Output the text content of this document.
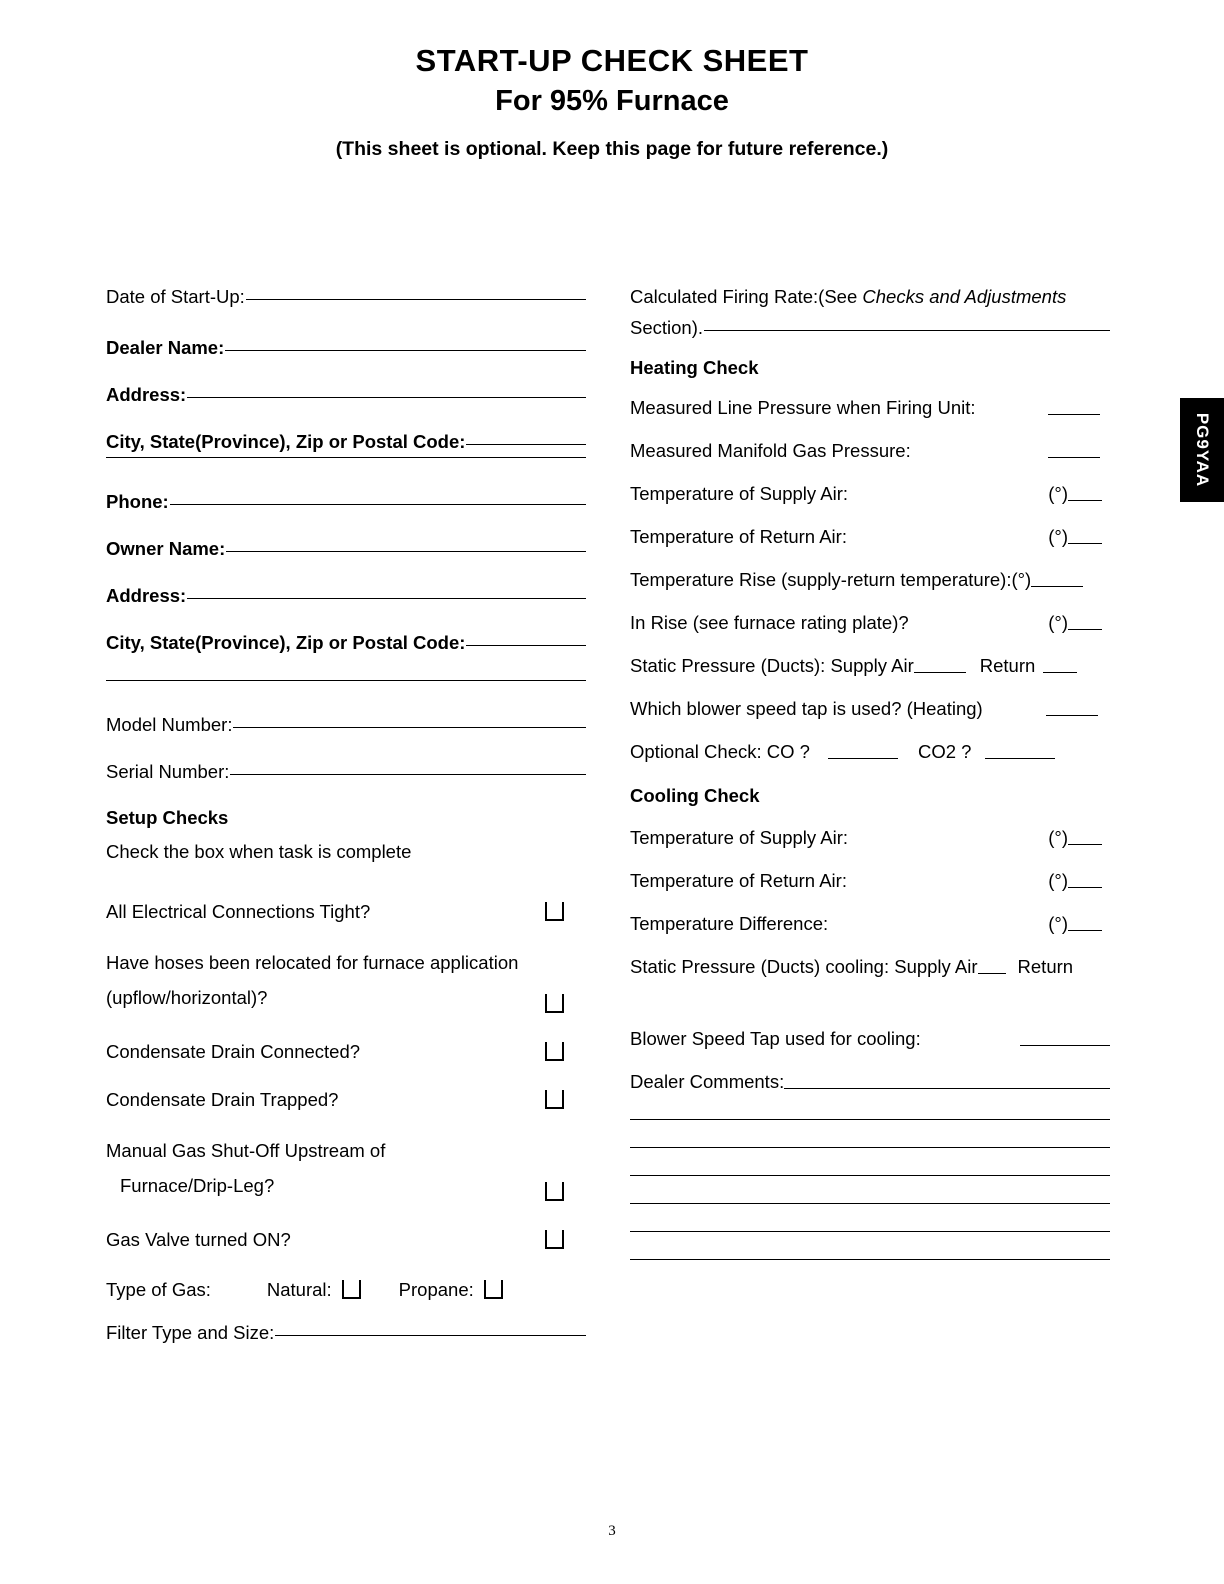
START-UP CHECK SHEET
For 95% Furnace
(This sheet is optional. Keep this page for future reference.)
PG9YAA
Date of Start-Up:
Dealer Name :
Address :
City, State(Province), Zip or Postal Code:
Phone :
Owner Name :
Address :
City, State(Province), Zip or Postal Code:
Model Number:
Serial Number:
Setup Checks
Check the box when task is complete
All Electrical Connections Tight?
Have hoses been relocated for furnace application
(upflow/horizontal)?
Condensate Drain Connected?
Condensate Drain Trapped?
Manual Gas Shut-Off Upstream of
Furnace/Drip-Leg?
Gas Valve turned ON?
Type of Gas:	Natural:	Propane:
Filter Type and Size:
Calculated Firing Rate:(See Checks and Adjustments
Section).
Heating Check
Measured Line Pressure when Firing Unit:
Measured Manifold Gas Pressure:
Temperature of Supply Air:	(°)
Temperature of Return Air:	(°)
Temperature Rise (supply-return temperature): (°)
In Rise (see furnace rating plate)?	(°)
Static Pressure (Ducts): Supply Air	Return
Which blower speed tap is used? (Heating)
Optional Check: CO ?	CO2 ?
Cooling Check
Temperature of Supply Air:	(°)
Temperature of Return Air:	(°)
Temperature Difference:	(°)
Static Pressure (Ducts) cooling: Supply Air Return
Blower Speed Tap used for cooling:
Dealer Comments:
3
